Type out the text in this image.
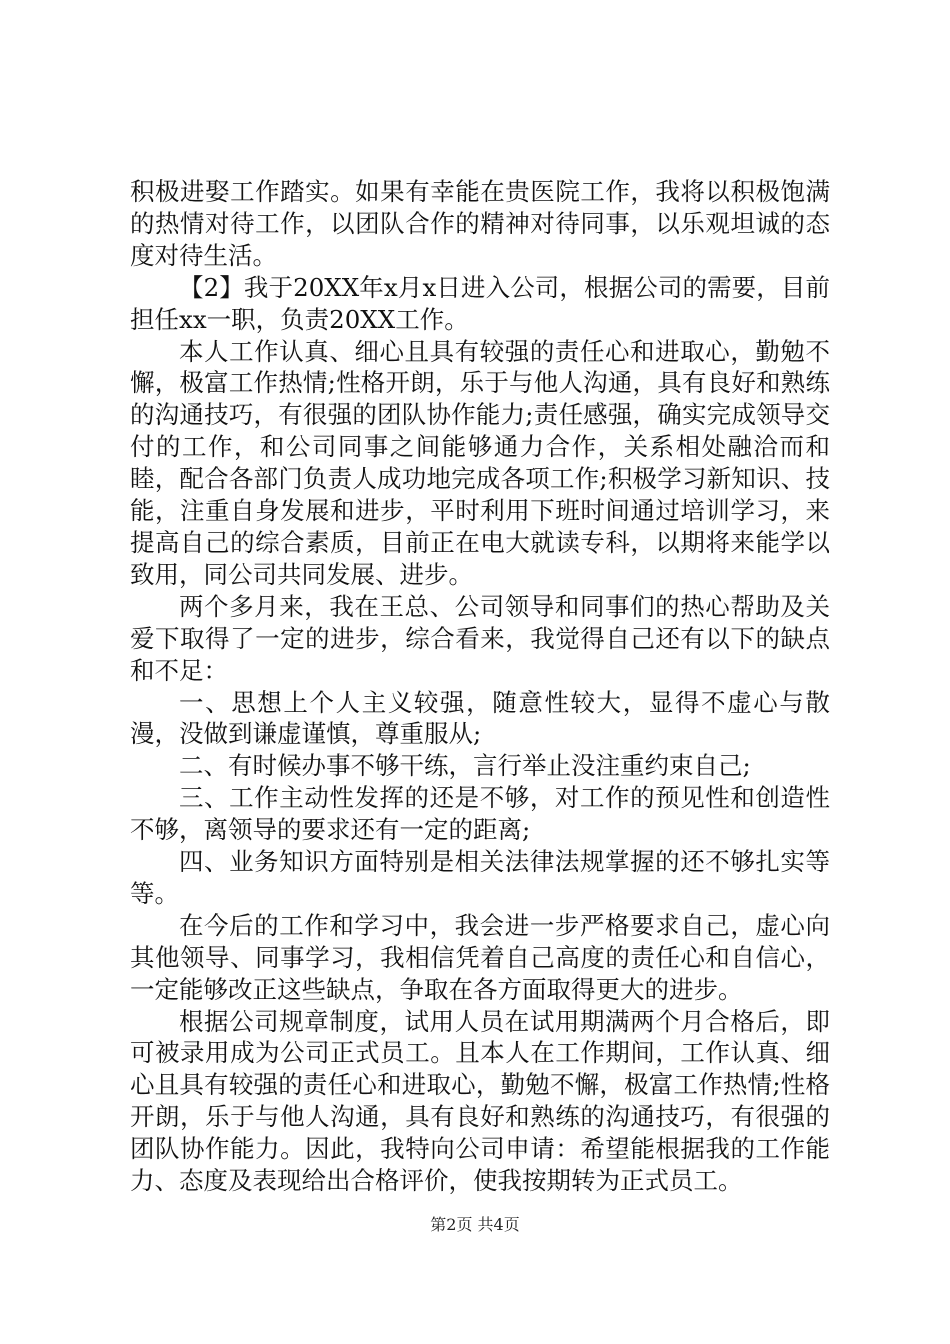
积极进娶工作踏实。如果有幸能在贵医院工作，我将以积极饱满的热情对待工作，以团队合作的精神对待同事，以乐观坦诚的态度对待生活。

【2】我于20XX年x月x日进入公司，根据公司的需要，目前担任xx一职，负责20XX工作。

本人工作认真、细心且具有较强的责任心和进取心，勤勉不懈，极富工作热情;性格开朗，乐于与他人沟通，具有良好和熟练的沟通技巧，有很强的团队协作能力;责任感强，确实完成领导交付的工作，和公司同事之间能够通力合作，关系相处融洽而和睦，配合各部门负责人成功地完成各项工作;积极学习新知识、技能，注重自身发展和进步，平时利用下班时间通过培训学习，来提高自己的综合素质，目前正在电大就读专科，以期将来能学以致用，同公司共同发展、进步。

两个多月来，我在王总、公司领导和同事们的热心帮助及关爱下取得了一定的进步，综合看来，我觉得自己还有以下的缺点和不足：

一、思想上个人主义较强，随意性较大，显得不虚心与散漫，没做到谦虚谨慎，尊重服从;

二、有时候办事不够干练，言行举止没注重约束自己;

三、工作主动性发挥的还是不够，对工作的预见性和创造性不够，离领导的要求还有一定的距离;

四、业务知识方面特别是相关法律法规掌握的还不够扎实等等。

在今后的工作和学习中，我会进一步严格要求自己，虚心向其他领导、同事学习，我相信凭着自己高度的责任心和自信心，一定能够改正这些缺点，争取在各方面取得更大的进步。

根据公司规章制度，试用人员在试用期满两个月合格后，即可被录用成为公司正式员工。且本人在工作期间，工作认真、细心且具有较强的责任心和进取心，勤勉不懈，极富工作热情;性格开朗，乐于与他人沟通，具有良好和熟练的沟通技巧，有很强的团队协作能力。因此，我特向公司申请：希望能根据我的工作能力、态度及表现给出合格评价，使我按期转为正式员工。

第2页 共4页
